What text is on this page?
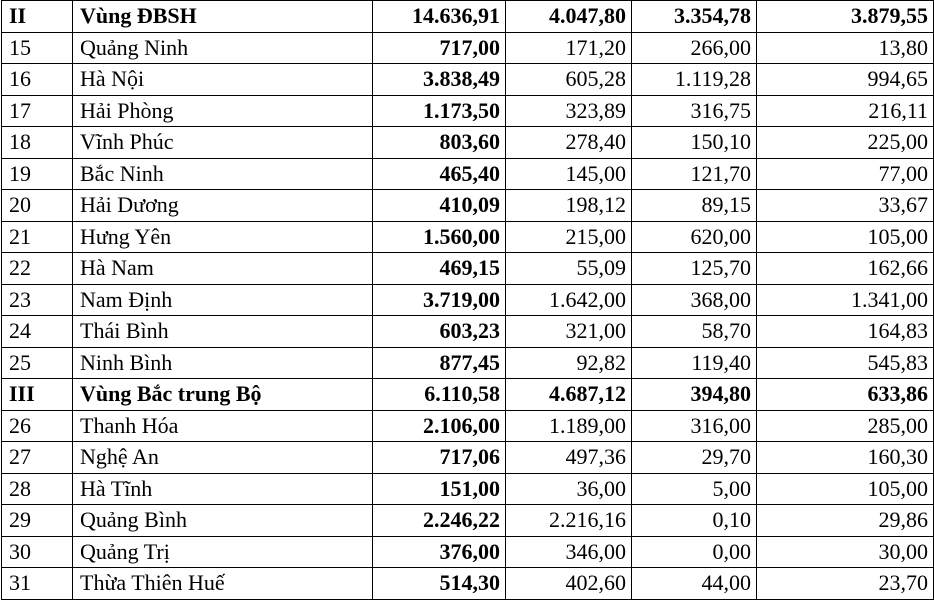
II	Vùng ĐBSH	14.636,91	4.047,80	3.354,78	3.879,55
15	Quảng Ninh	717,00	171,20	266,00	13,80
16	Hà Nội	3.838,49	605,28	1.119,28	994,65
17	Hải Phòng	1.173,50	323,89	316,75	216,11
18	Vĩnh Phúc	803,60	278,40	150,10	225,00
19	Bắc Ninh	465,40	145,00	121,70	77,00
20	Hải Dương	410,09	198,12	89,15	33,67
21	Hưng Yên	1.560,00	215,00	620,00	105,00
22	Hà Nam	469,15	55,09	125,70	162,66
23	Nam Định	3.719,00	1.642,00	368,00	1.341,00
24	Thái Bình	603,23	321,00	58,70	164,83
25	Ninh Bình	877,45	92,82	119,40	545,83
III	Vùng Bắc trung Bộ	6.110,58	4.687,12	394,80	633,86
26	Thanh Hóa	2.106,00	1.189,00	316,00	285,00
27	Nghệ An	717,06	497,36	29,70	160,30
28	Hà Tĩnh	151,00	36,00	5,00	105,00
29	Quảng Bình	2.246,22	2.216,16	0,10	29,86
30	Quảng Trị	376,00	346,00	0,00	30,00
31	Thừa Thiên Huế	514,30	402,60	44,00	23,70
